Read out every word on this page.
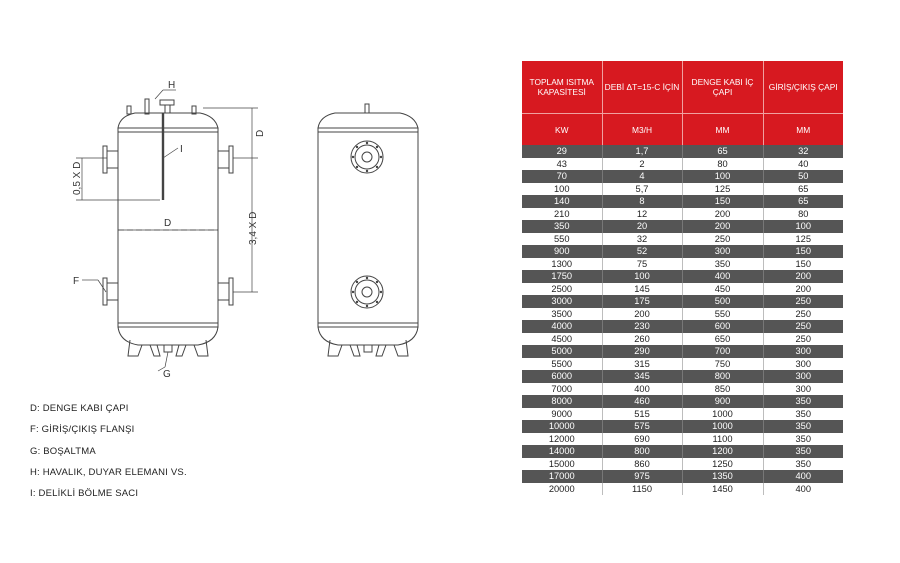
H
I
D
F
G
D
0,5 X D
3,4 X D
D: DENGE KABI ÇAPI
F: GİRİŞ/ÇIKIŞ FLANŞI
G: BOŞALTMA
H: HAVALIK, DUYAR ELEMANI VS.
I: DELİKLİ BÖLME SACI
TOPLAM ISITMA KAPASİTESİ	DEBİ ΔT=15-C İÇİN	DENGE KABI İÇ ÇAPI	GİRİŞ/ÇIKIŞ ÇAPI
KW	M3/H	MM	MM
29	1,7	65	32
43	2	80	40
70	4	100	50
100	5,7	125	65
140	8	150	65
210	12	200	80
350	20	200	100
550	32	250	125
900	52	300	150
1300	75	350	150
1750	100	400	200
2500	145	450	200
3000	175	500	250
3500	200	550	250
4000	230	600	250
4500	260	650	250
5000	290	700	300
5500	315	750	300
6000	345	800	300
7000	400	850	300
8000	460	900	350
9000	515	1000	350
10000	575	1000	350
12000	690	1100	350
14000	800	1200	350
15000	860	1250	350
17000	975	1350	400
20000	1150	1450	400
